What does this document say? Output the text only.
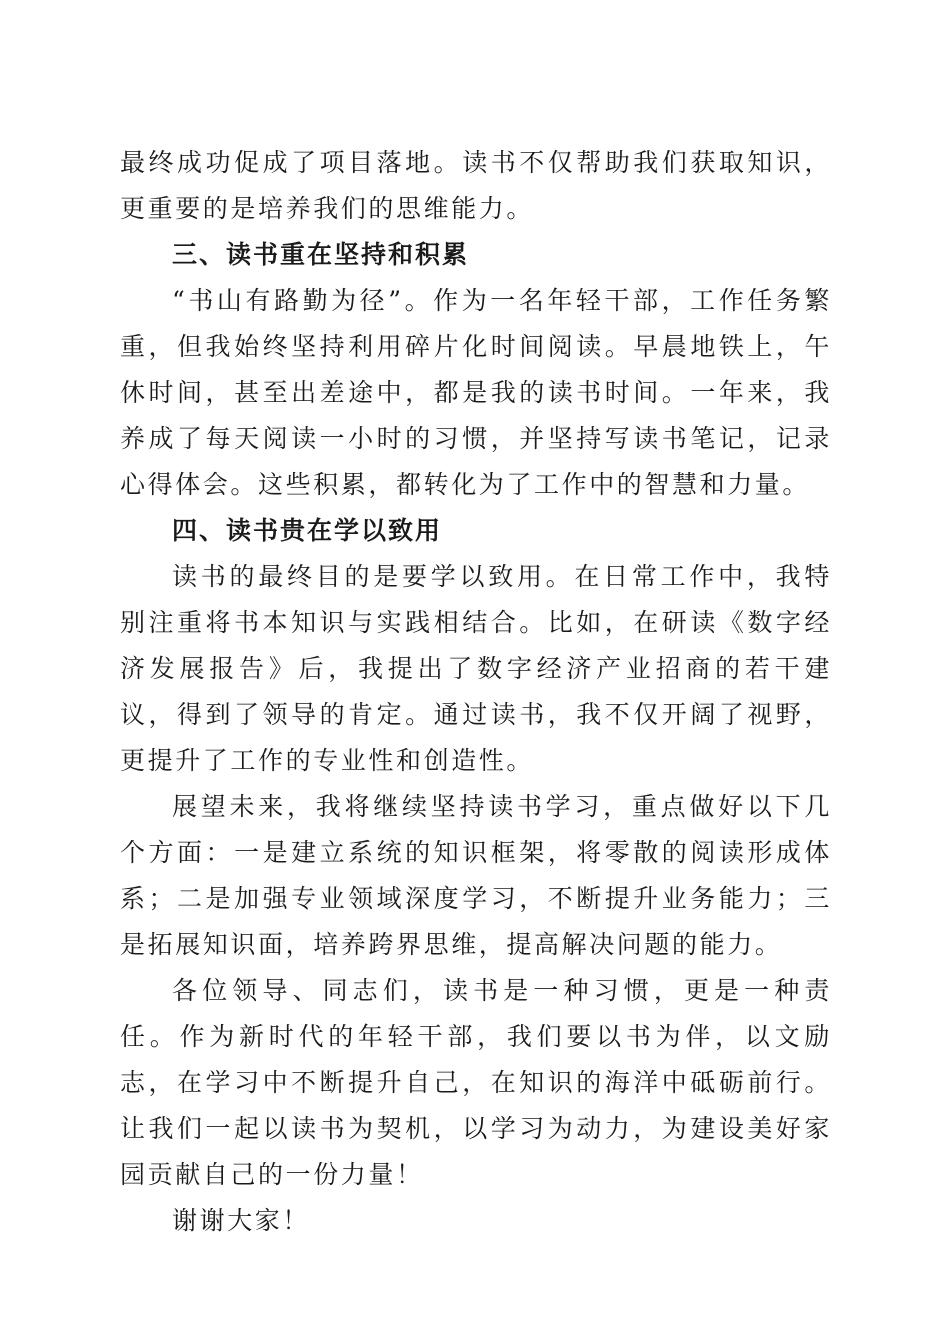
最终成功促成了项目落地。读书不仅帮助我们获取知识，更重要的是培养我们的思维能力。

三、读书重在坚持和积累

“书山有路勤为径”。作为一名年轻干部，工作任务繁重，但我始终坚持利用碎片化时间阅读。早晨地铁上，午休时间，甚至出差途中，都是我的读书时间。一年来，我养成了每天阅读一小时的习惯，并坚持写读书笔记，记录心得体会。这些积累，都转化为了工作中的智慧和力量。

四、读书贵在学以致用

读书的最终目的是要学以致用。在日常工作中，我特别注重将书本知识与实践相结合。比如，在研读《数字经济发展报告》后，我提出了数字经济产业招商的若干建议，得到了领导的肯定。通过读书，我不仅开阔了视野，更提升了工作的专业性和创造性。

展望未来，我将继续坚持读书学习，重点做好以下几个方面：一是建立系统的知识框架，将零散的阅读形成体系；二是加强专业领域深度学习，不断提升业务能力；三是拓展知识面，培养跨界思维，提高解决问题的能力。

各位领导、同志们，读书是一种习惯，更是一种责任。作为新时代的年轻干部，我们要以书为伴，以文励志，在学习中不断提升自己，在知识的海洋中砥砺前行。让我们一起以读书为契机，以学习为动力，为建设美好家园贡献自己的一份力量！

谢谢大家！
